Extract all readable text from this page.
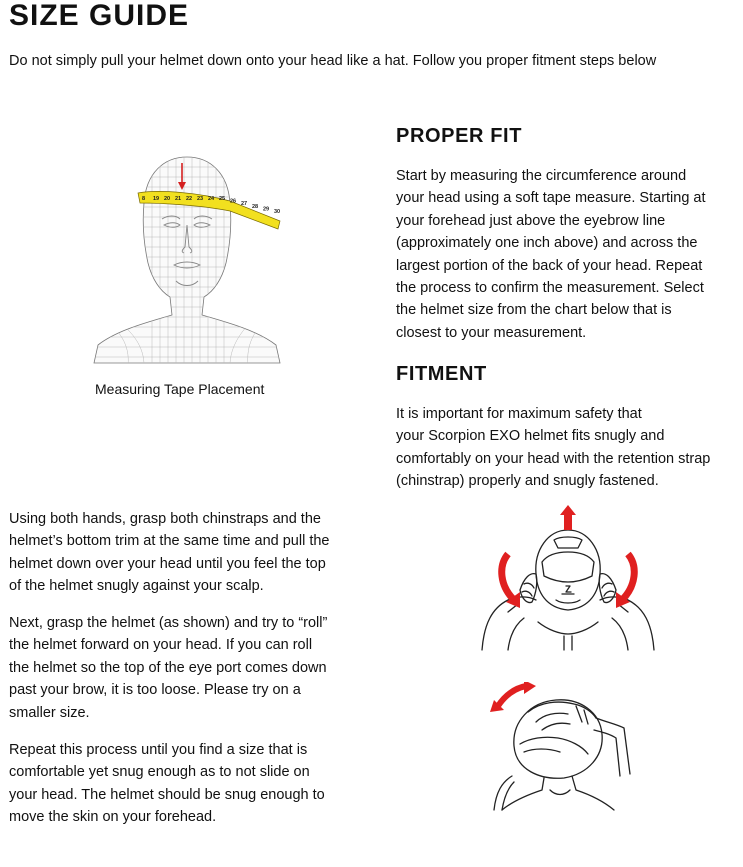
SIZE GUIDE

Do not simply pull your helmet down onto your head like a hat. Follow you proper fitment steps below

8 19 20 21 22 23 24 25 26 27 28 29 30

Measuring Tape Placement

PROPER FIT
Start by measuring the circumference around
your head using a soft tape measure. Starting at
your forehead just above the eyebrow line
(approximately one inch above) and across the
largest portion of the back of your head. Repeat
the process to confirm the measurement. Select
the helmet size from the chart below that is
closest to your measurement.
FITMENT
It is important for maximum safety that
your Scorpion EXO helmet fits snugly and
comfortably on your head with the retention strap
(chinstrap) properly and snugly fastened.
Using both hands, grasp both chinstraps and the
helmet’s bottom trim at the same time and pull the
helmet down over your head until you feel the top
of the helmet snugly against your scalp.
Next, grasp the helmet (as shown) and try to “roll”
the helmet forward on your head. If you can roll
the helmet so the top of the eye port comes down
past your brow, it is too loose. Please try on a
smaller size.
Repeat this process until you find a size that is
comfortable yet snug enough as to not slide on
your head. The helmet should be snug enough to
move the skin on your forehead.
